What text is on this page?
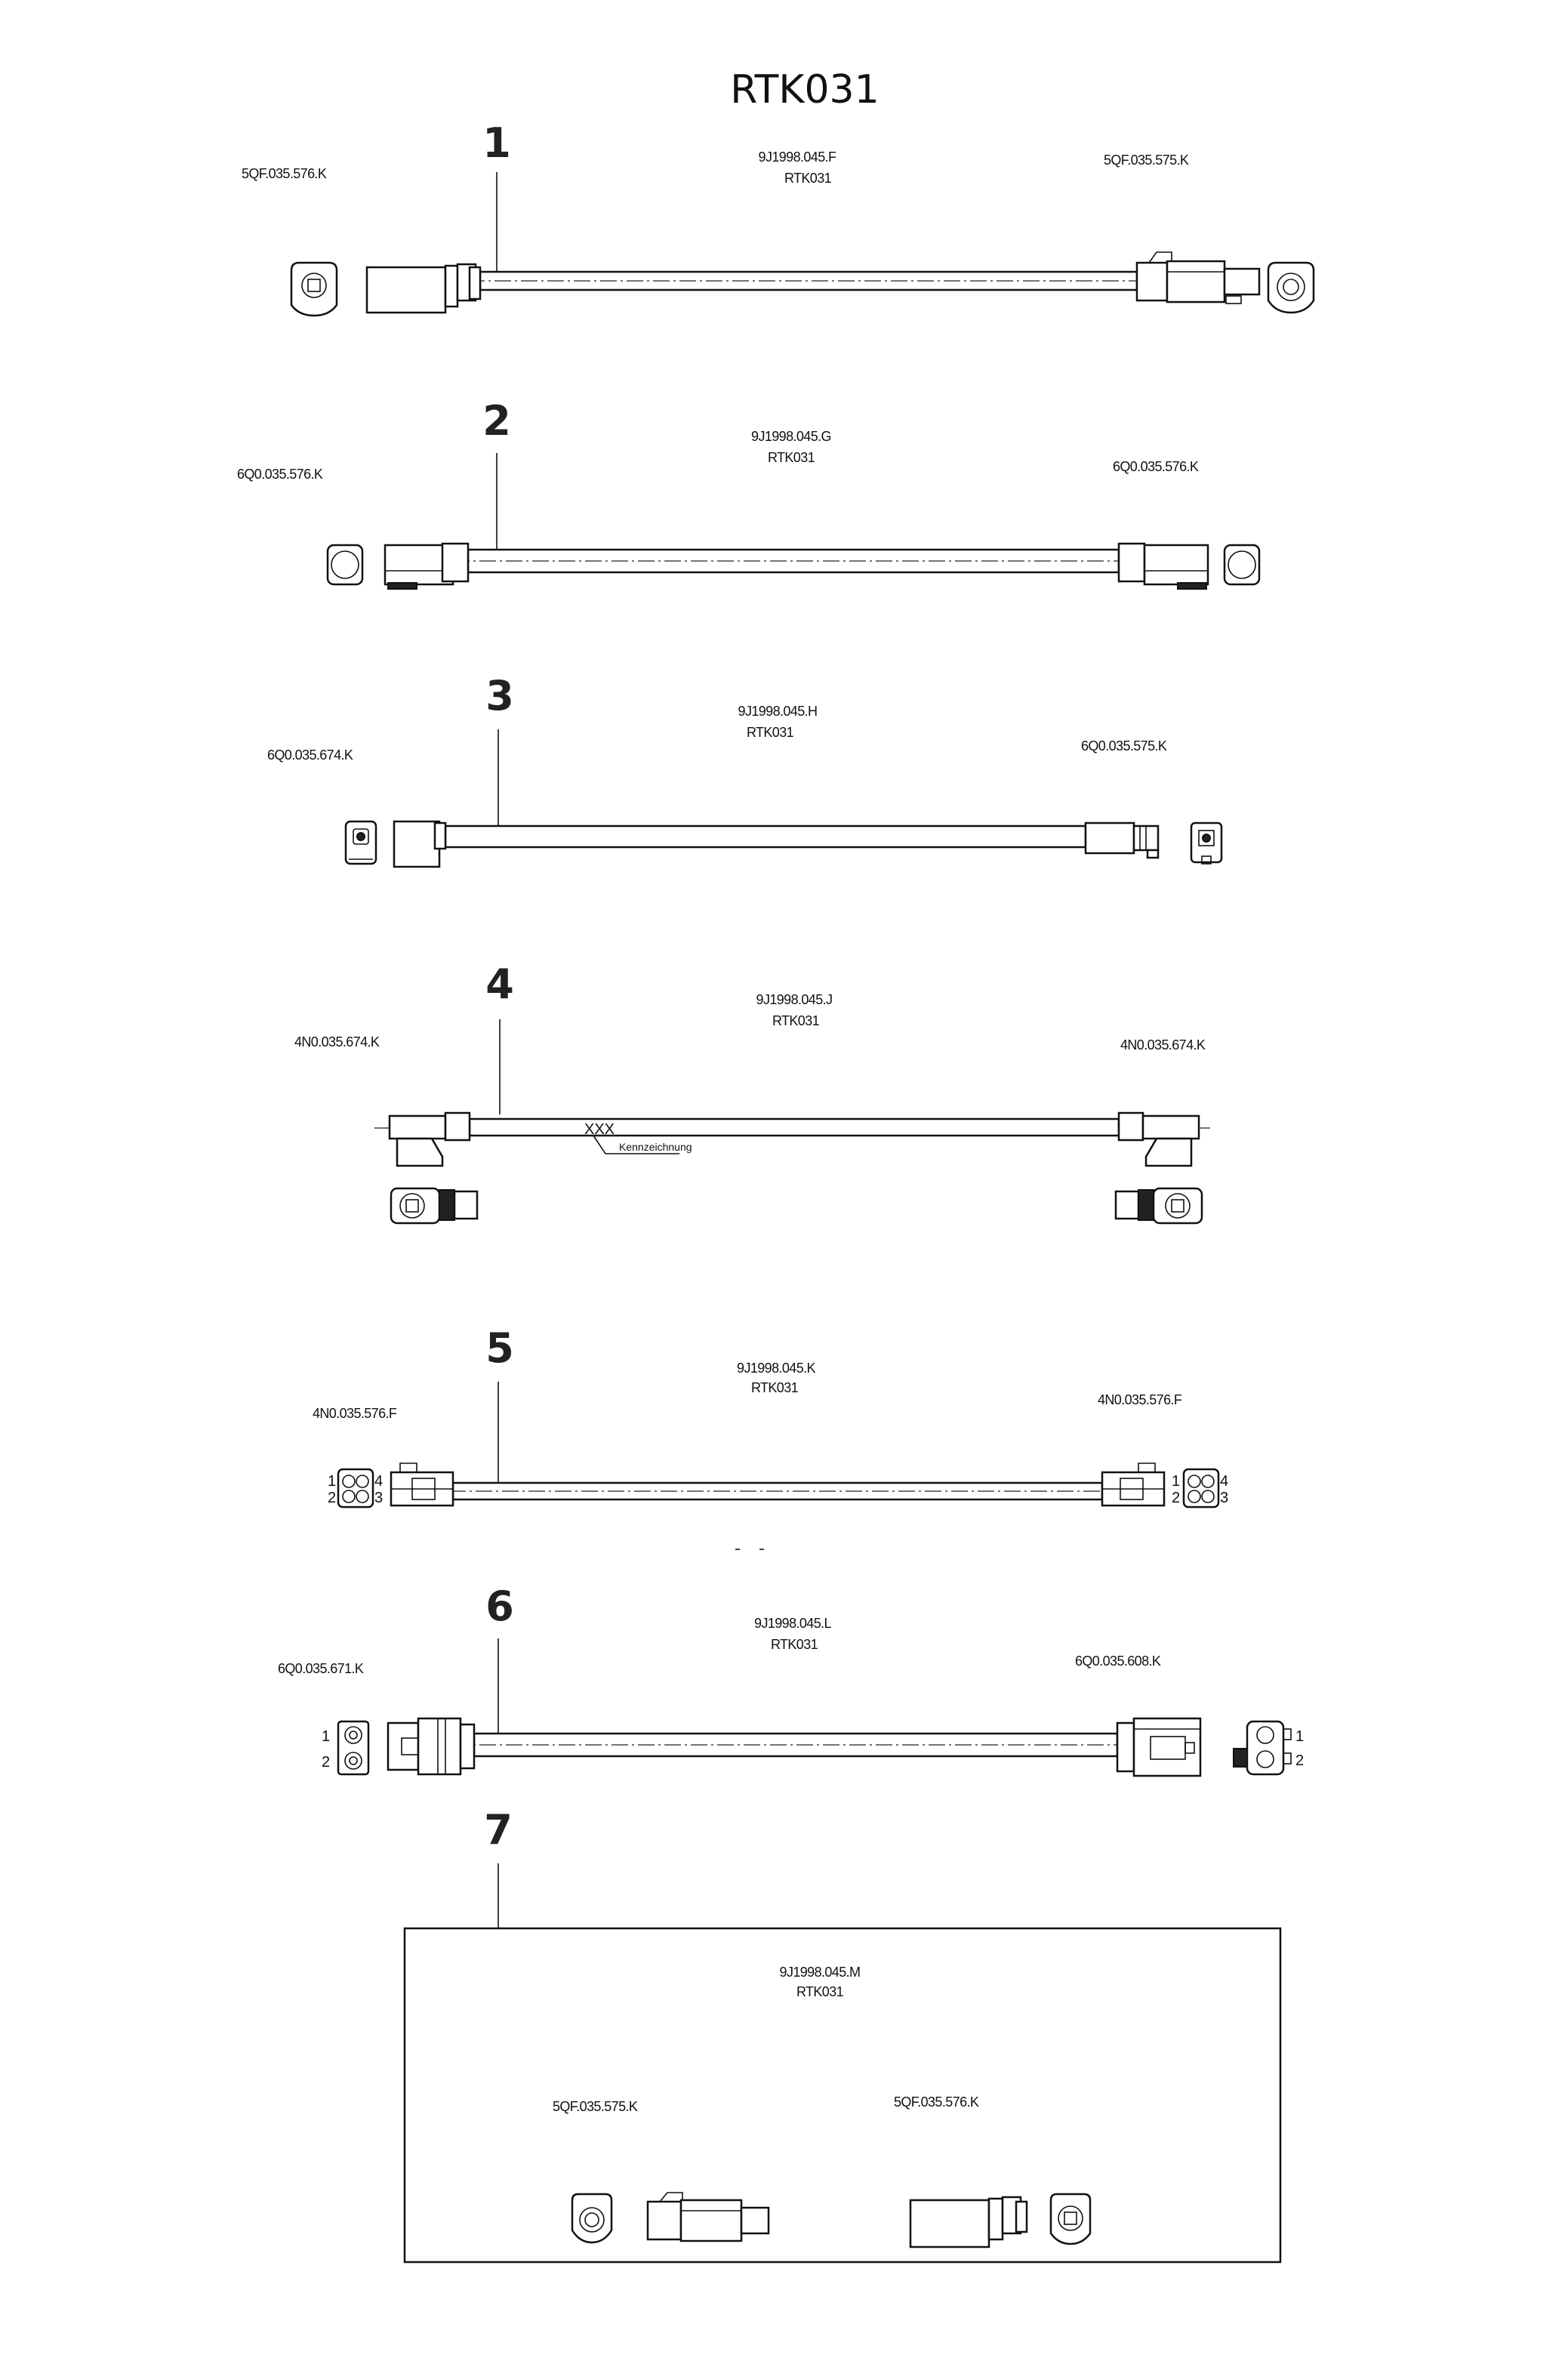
RTK031
1	9J1998.045.F
RTK031
5QF.035.576.K
5QF.035.575.K
2	9J1998.045.G
RTK031
6Q0.035.576.K	6Q0.035.576.K
3	9J1998.045.H
RTK031
6Q0.035.674.K
6Q0.035.575.K
4	9J1998.045.J
RTK031
4N0.035.674.K	4N0.035.674.K
XXX
Kennzeichnung
5	9J1998.045.K
RTK031
4N0.035.576.F
4N0.035.576.F
1
2	3
4	1
2	3
4
6	9J1998.045.L
RTK031
6Q0.035.671.K	6Q0.035.608.K
1
2
1
2
7
9J1998.045.M
RTK031
5QF.035.575.K	5QF.035.576.K
